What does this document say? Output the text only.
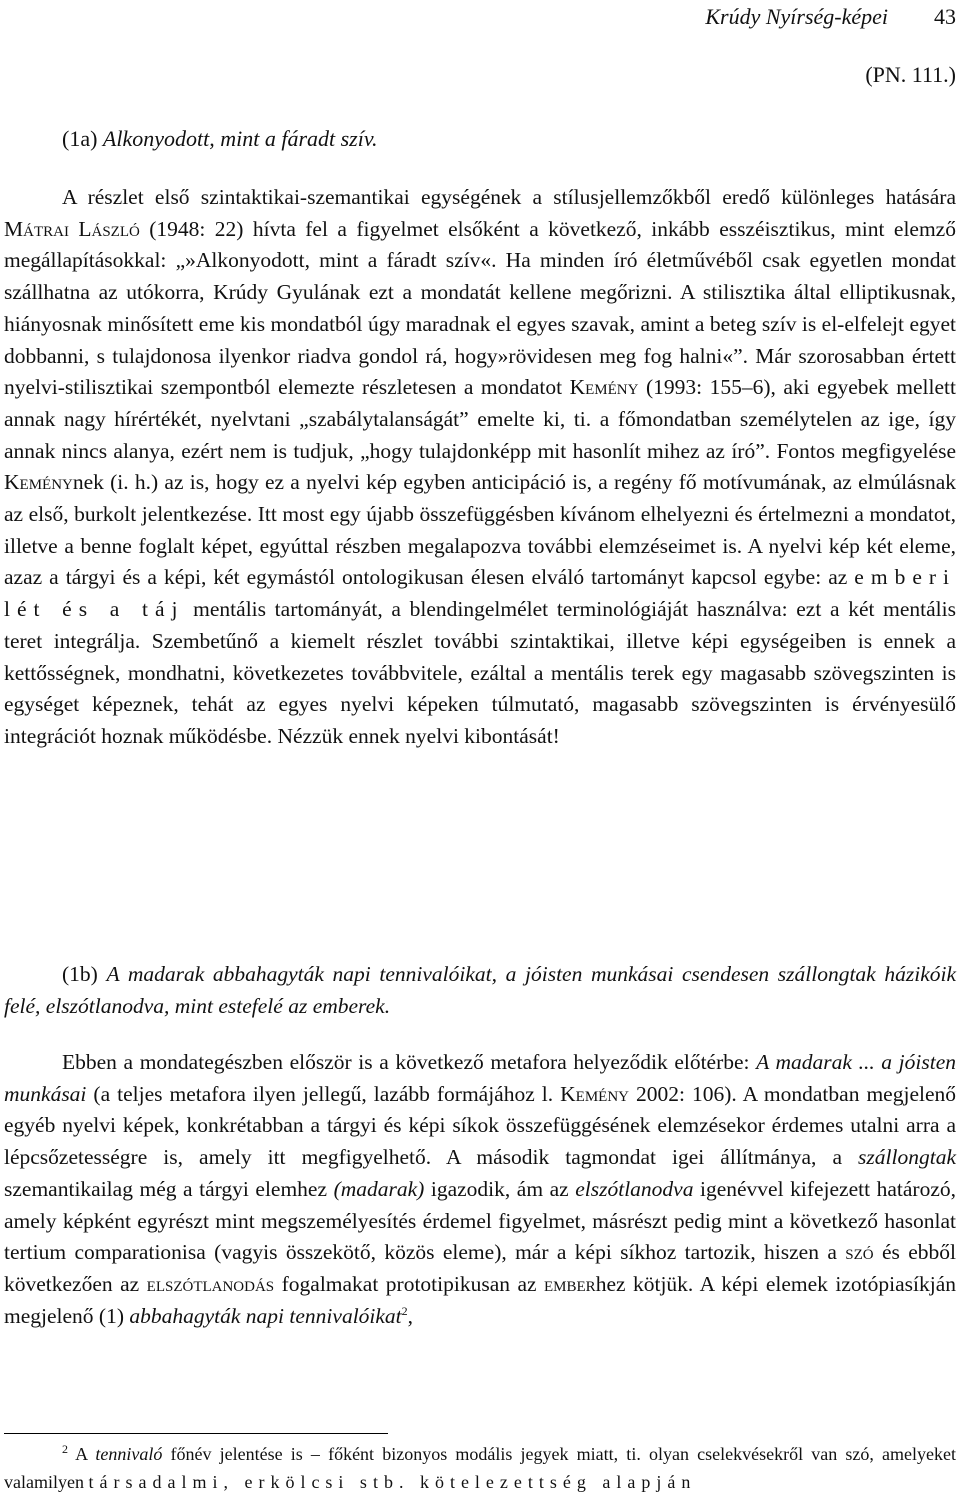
Krúdy Nyírség-képei 43
(PN. 111.)
(1a) Alkonyodott, mint a fáradt szív.
A részlet első szintaktikai-szemantikai egységének a stílusjellemzőkből eredő különleges hatására Mátrai László (1948: 22) hívta fel a figyelmet elsőként a következő, inkább esszéisztikus, mint elemző megállapításokkal: „»Alkonyodott, mint a fáradt szív«. Ha minden író életművéből csak egyetlen mondat szállhatna az utókorra, Krúdy Gyulának ezt a mondatát kellene megőrizni. A stilisztika által elliptikusnak, hiányosnak minősített eme kis mondatból úgy maradnak el egyes szavak, amint a beteg szív is el-elfelejt egyet dobbanni, s tulajdonosa ilyenkor riadva gondol rá, hogy»rövidesen meg fog halni«”. Már szorosabban értett nyelvi-stilisztikai szempontból elemezte részletesen a mondatot Kemény (1993: 155–6), aki egyebek mellett annak nagy hírértékét, nyelvtani „szabálytalanságát” emelte ki, ti. a főmondatban személytelen az ige, így annak nincs alanya, ezért nem is tudjuk, „hogy tulajdonképp mit hasonlít mihez az író”. Fontos megfigyelése Keménynek (i. h.) az is, hogy ez a nyelvi kép egyben anticipáció is, a regény fő motívumának, az elmúlásnak az első, burkolt jelentkezése. Itt most egy újabb összefüggésben kívánom elhelyezni és értelmezni a mondatot, illetve a benne foglalt képet, egyúttal részben megalapozva további elemzéseimet is. A nyelvi kép két eleme, azaz a tárgyi és a képi, két egymástól ontologikusan élesen elváló tartományt kapcsol egybe: az emberi lét és a táj mentális tartományát, a blendingelmélet terminológiáját használva: ezt a két mentális teret integrálja. Szembetűnő a kiemelt részlet további szintaktikai, illetve képi egységeiben is ennek a kettősségnek, mondhatni, következetes továbbvitele, ezáltal a mentális terek egy magasabb szövegszinten is egységet képeznek, tehát az egyes nyelvi képeken túlmutató, magasabb szövegszinten is érvényesülő integrációt hoznak működésbe. Nézzük ennek nyelvi kibontását!
(1b) A madarak abbahagyták napi tennivalóikat, a jóisten munkásai csendesen szállongtak házikóik felé, elszótlanodva, mint estefelé az emberek.
Ebben a mondategészben először is a következő metafora helyeződik előtérbe: A madarak ... a jóisten munkásai (a teljes metafora ilyen jellegű, lazább formájához l. Kemény 2002: 106). A mondatban megjelenő egyéb nyelvi képek, konkrétabban a tárgyi és képi síkok összefüggésének elemzésekor érdemes utalni arra a lépcsőzetességre is, amely itt megfigyelhető. A második tagmondat igei állítmánya, a szállongtak szemantikailag még a tárgyi elemhez (madarak) igazodik, ám az elszótlanodva igenévvel kifejezett határozó, amely képként egyrészt mint megszemélyesítés érdemel figyelmet, másrészt pedig mint a következő hasonlat tertium comparationisa (vagyis összekötő, közös eleme), már a képi síkhoz tartozik, hiszen a szó és ebből következően az elszótlanodás fogalmakat prototipikusan az emberhez kötjük. A képi elemek izotópiasíkján megjelenő (1) abbahagyták napi tennivalóikat$^2$,
$^2$ A tennivaló főnév jelentése is – főként bizonyos modális jegyek miatt, ti. olyan cselekvésekről van szó, amelyeket valamilyen társadalmi, erkölcsi stb. kötelezettség alapján
